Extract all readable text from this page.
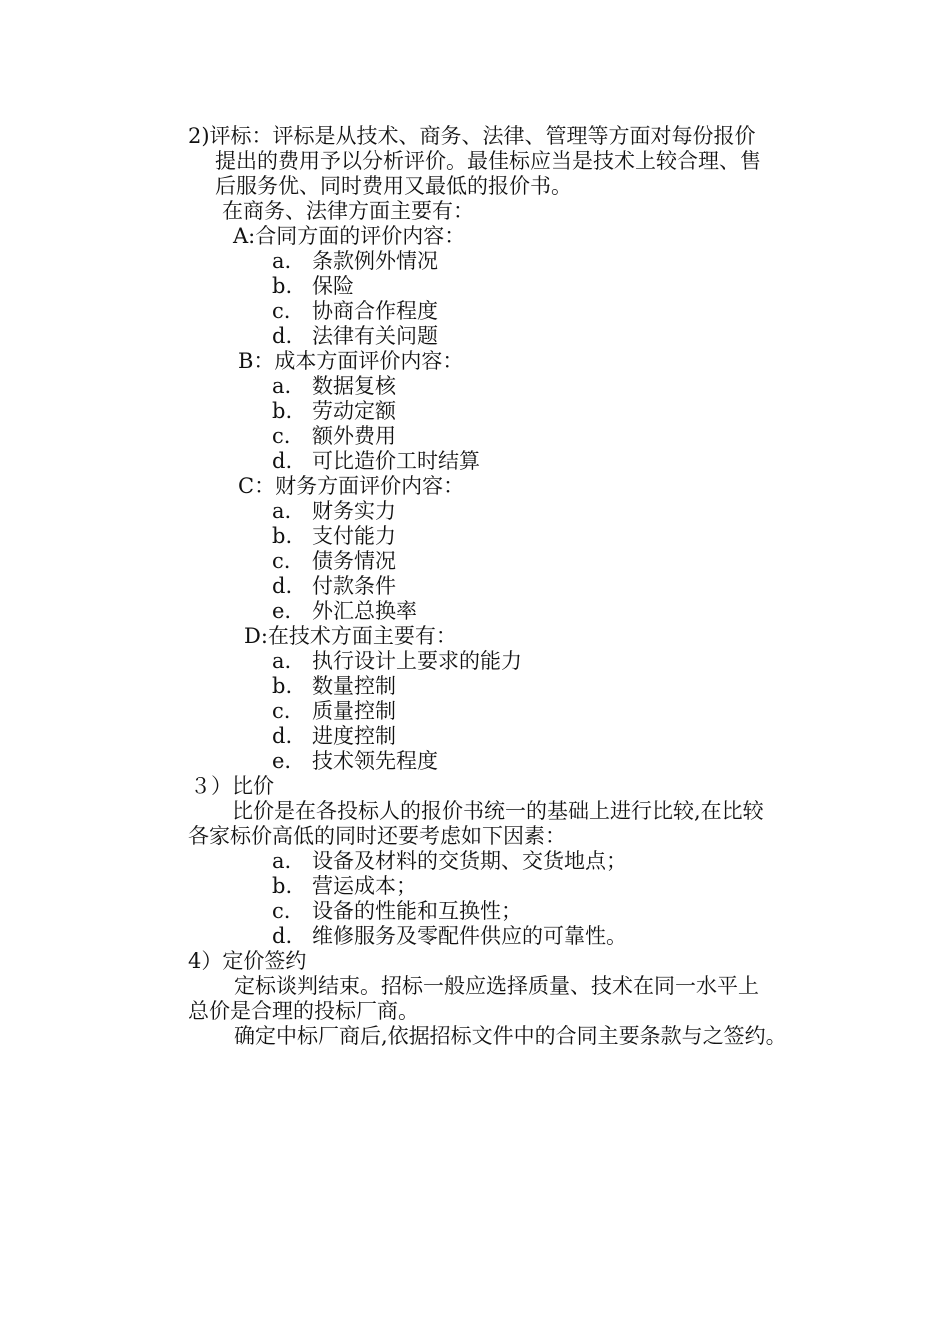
2)评标：评标是从技术、商务、法律、管理等方面对每份报价

提出的费用予以分析评价。最佳标应当是技术上较合理、售

后服务优、同时费用又最低的报价书。

在商务、法律方面主要有：

A:合同方面的评价内容：

a. 条款例外情况
b. 保险
c. 协商合作程度
d. 法律有关问题

B：成本方面评价内容：

a. 数据复核
b. 劳动定额
c. 额外费用
d. 可比造价工时结算

C：财务方面评价内容：

a. 财务实力
b. 支付能力
c. 债务情况
d. 付款条件
e. 外汇总换率

D:在技术方面主要有：

a. 执行设计上要求的能力
b. 数量控制
c. 质量控制
d. 进度控制
e. 技术领先程度

３）比价

比价是在各投标人的报价书统一的基础上进行比较,在比较

各家标价高低的同时还要考虑如下因素：

a. 设备及材料的交货期、交货地点；
b. 营运成本；
c. 设备的性能和互换性；
d. 维修服务及零配件供应的可靠性。

4）定价签约

定标谈判结束。招标一般应选择质量、技术在同一水平上

总价是合理的投标厂商。

确定中标厂商后,依据招标文件中的合同主要条款与之签约。
